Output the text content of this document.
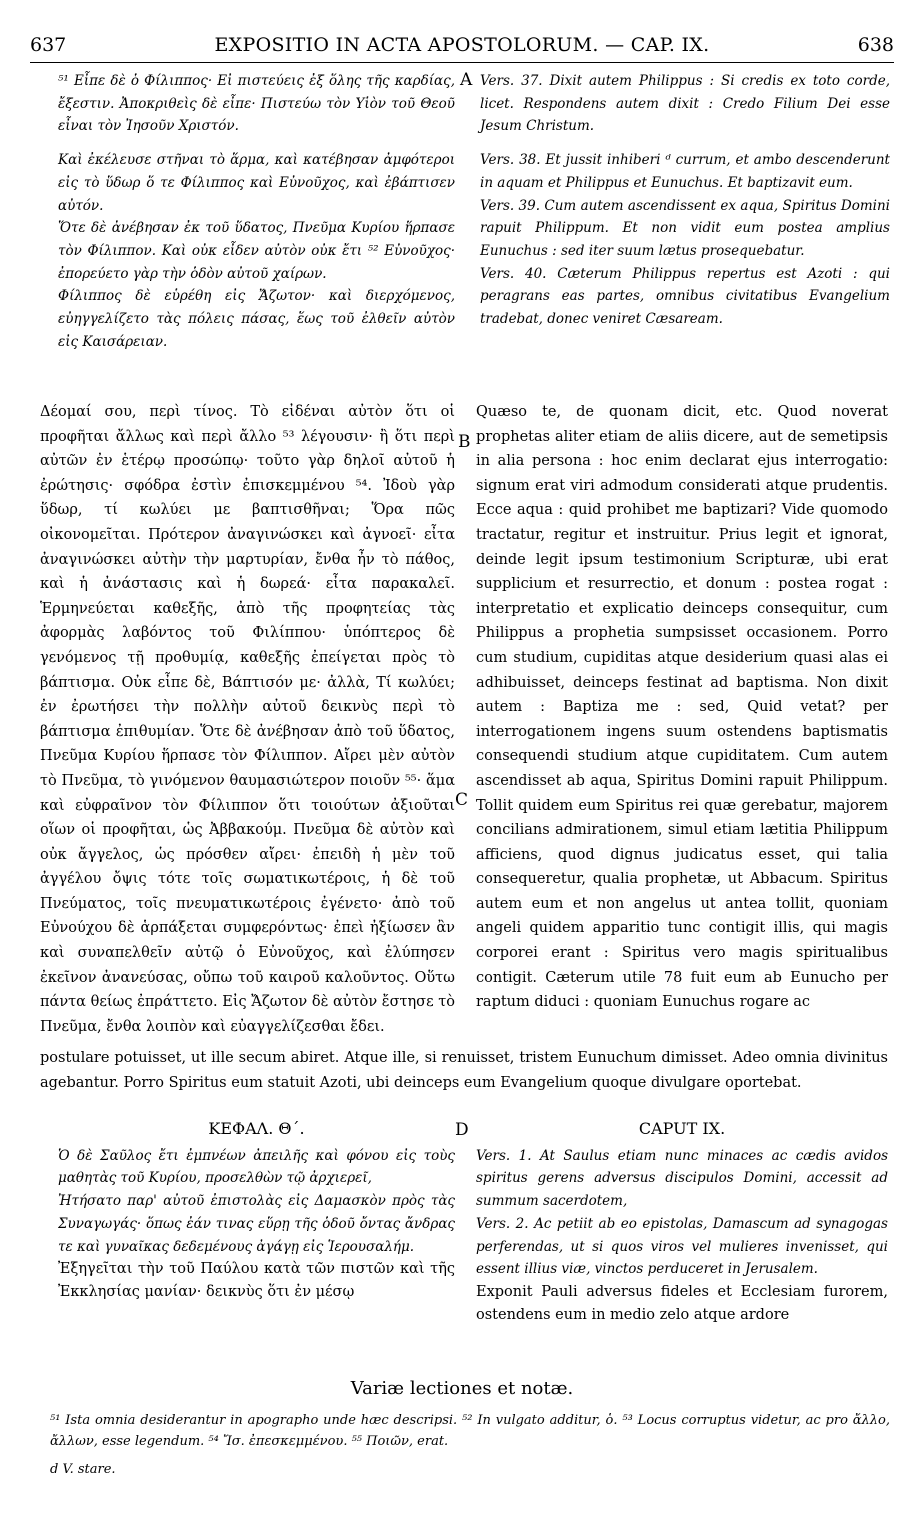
637	EXPOSITIO IN ACTA APOSTOLORUM. — CAP. IX.	638
A
B
C
D

⁵¹ Εἶπε δὲ ὁ Φίλιππος· Εἰ πιστεύεις ἐξ ὅλης τῆς καρδίας, ἔξεστιν. Ἀποκριθεὶς δὲ εἶπε· Πιστεύω τὸν Υἱὸν τοῦ Θεοῦ εἶναι τὸν Ἰησοῦν Χριστόν.

Καὶ ἐκέλευσε στῆναι τὸ ἅρμα, καὶ κατέβησαν ἀμφότεροι εἰς τὸ ὕδωρ ὅ τε Φίλιππος καὶ Εὐνοῦχος, καὶ ἐβάπτισεν αὐτόν.

Ὅτε δὲ ἀνέβησαν ἐκ τοῦ ὕδατος, Πνεῦμα Κυρίου ἥρπασε τὸν Φίλιππον. Καὶ οὐκ εἶδεν αὐτὸν οὐκ ἔτι ⁵² Εὐνοῦχος· ἐπορεύετο γὰρ τὴν ὁδὸν αὐτοῦ χαίρων.

Φίλιππος δὲ εὑρέθη εἰς Ἄζωτον· καὶ διερχόμενος, εὐηγγελίζετο τὰς πόλεις πάσας, ἕως τοῦ ἐλθεῖν αὐτὸν εἰς Καισάρειαν.

Vers. 37. Dixit autem Philippus : Si credis ex toto corde, licet. Respondens autem dixit : Credo Filium Dei esse Jesum Christum.

Vers. 38. Et jussit inhiberi ᵈ currum, et ambo descenderunt in aquam et Philippus et Eunuchus. Et baptizavit eum.

Vers. 39. Cum autem ascendissent ex aqua, Spiritus Domini rapuit Philippum. Et non vidit eum postea amplius Eunuchus : sed iter suum lætus prosequebatur.

Vers. 40. Cæterum Philippus repertus est Azoti : qui peragrans eas partes, omnibus civitatibus Evangelium tradebat, donec veniret Cæsaream.

Δέομαί σου, περὶ τίνος. Τὸ εἰδέναι αὐτὸν ὅτι οἱ προφῆται ἄλλως καὶ περὶ ἄλλο ⁵³ λέγουσιν· ἢ ὅτι περὶ αὐτῶν ἐν ἑτέρῳ προσώπῳ· τοῦτο γὰρ δηλοῖ αὐτοῦ ἡ ἐρώτησις· σφόδρα ἐστὶν ἐπισκεμμένου ⁵⁴. Ἰδοὺ γὰρ ὕδωρ, τί κωλύει με βαπτισθῆναι; Ὅρα πῶς οἰκονομεῖται. Πρότερον ἀναγινώσκει καὶ ἀγνοεῖ· εἶτα ἀναγινώσκει αὐτὴν τὴν μαρτυρίαν, ἔνθα ἦν τὸ πάθος, καὶ ἡ ἀνάστασις καὶ ἡ δωρεά· εἶτα παρακαλεῖ. Ἑρμηνεύεται καθεξῆς, ἀπὸ τῆς προφητείας τὰς ἀφορμὰς λαβόντος τοῦ Φιλίππου· ὑπόπτερος δὲ γενόμενος τῇ προθυμίᾳ, καθεξῆς ἐπείγεται πρὸς τὸ βάπτισμα. Οὐκ εἶπε δὲ, Βάπτισόν με· ἀλλὰ, Τί κωλύει; ἐν ἐρωτήσει τὴν πολλὴν αὐτοῦ δεικνὺς περὶ τὸ βάπτισμα ἐπιθυμίαν. Ὅτε δὲ ἀνέβησαν ἀπὸ τοῦ ὕδατος, Πνεῦμα Κυρίου ἥρπασε τὸν Φίλιππον. Αἴρει μὲν αὐτὸν τὸ Πνεῦμα, τὸ γινόμενον θαυμασιώτερον ποιοῦν ⁵⁵· ἅμα καὶ εὐφραῖνον τὸν Φίλιππον ὅτι τοιούτων ἀξιοῦται οἵων οἱ προφῆται, ὡς Ἀββακούμ. Πνεῦμα δὲ αὐτὸν καὶ οὐκ ἄγγελος, ὡς πρόσθεν αἴρει· ἐπειδὴ ἡ μὲν τοῦ ἀγγέλου ὄψις τότε τοῖς σωματικωτέροις, ἡ δὲ τοῦ Πνεύματος, τοῖς πνευματικωτέροις ἐγένετο· ἀπὸ τοῦ Εὐνούχου δὲ ἁρπάξεται συμφερόντως· ἐπεὶ ἠξίωσεν ἂν καὶ συναπελθεῖν αὐτῷ ὁ Εὐνοῦχος, καὶ ἐλύπησεν ἐκεῖνον ἀνανεύσας, οὔπω τοῦ καιροῦ καλοῦντος. Οὕτω πάντα θείως ἐπράττετο. Εἰς Ἄζωτον δὲ αὐτὸν ἔστησε τὸ Πνεῦμα, ἔνθα λοιπὸν καὶ εὐαγγελίζεσθαι ἔδει.

Quæso te, de quonam dicit, etc. Quod noverat prophetas aliter etiam de aliis dicere, aut de semetipsis in alia persona : hoc enim declarat ejus interrogatio: signum erat viri admodum considerati atque prudentis. Ecce aqua : quid prohibet me baptizari? Vide quomodo tractatur, regitur et instruitur. Prius legit et ignorat, deinde legit ipsum testimonium Scripturæ, ubi erat supplicium et resurrectio, et donum : postea rogat : interpretatio et explicatio deinceps consequitur, cum Philippus a prophetia sumpsisset occasionem. Porro cum studium, cupiditas atque desiderium quasi alas ei adhibuisset, deinceps festinat ad baptisma. Non dixit autem : Baptiza me : sed, Quid vetat? per interrogationem ingens suum ostendens baptismatis consequendi studium atque cupiditatem. Cum autem ascendisset ab aqua, Spiritus Domini rapuit Philippum. Tollit quidem eum Spiritus rei quæ gerebatur, majorem concilians admirationem, simul etiam lætitia Philippum afficiens, quod dignus judicatus esset, qui talia consequeretur, qualia prophetæ, ut Abbacum. Spiritus autem eum et non angelus ut antea tollit, quoniam angeli quidem apparitio tunc contigit illis, qui magis corporei erant : Spiritus vero magis spiritualibus contigit. Cæterum utile 78 fuit eum ab Eunucho per raptum diduci : quoniam Eunuchus rogare ac

postulare potuisset, ut ille secum abiret. Atque ille, si renuisset, tristem Eunuchum dimisset. Adeo omnia divinitus agebantur. Porro Spiritus eum statuit Azoti, ubi deinceps eum Evangelium quoque divulgare oportebat.

ΚΕΦΑΛ. Θ΄.

Ὁ δὲ Σαῦλος ἔτι ἐμπνέων ἀπειλῆς καὶ φόνου εἰς τοὺς μαθητὰς τοῦ Κυρίου, προσελθὼν τῷ ἀρχιερεῖ,

Ἠτήσατο παρ' αὐτοῦ ἐπιστολὰς εἰς Δαμασκὸν πρὸς τὰς Συναγωγάς· ὅπως ἐάν τινας εὕρῃ τῆς ὁδοῦ ὄντας ἄνδρας τε καὶ γυναῖκας δεδεμένους ἀγάγῃ εἰς Ἱερουσαλήμ.

Ἐξηγεῖται τὴν τοῦ Παύλου κατὰ τῶν πιστῶν καὶ τῆς Ἐκκλησίας μανίαν· δεικνὺς ὅτι ἐν μέσῳ

CAPUT IX.

Vers. 1. At Saulus etiam nunc minaces ac cædis avidos spiritus gerens adversus discipulos Domini, accessit ad summum sacerdotem,

Vers. 2. Ac petiit ab eo epistolas, Damascum ad synagogas perferendas, ut si quos viros vel mulieres invenisset, qui essent illius viæ, vinctos perduceret in Jerusalem.

Exponit Pauli adversus fideles et Ecclesiam furorem, ostendens eum in medio zelo atque ardore

Variæ lectiones et notæ.
⁵¹ Ista omnia desiderantur in apographo unde hæc descripsi. ⁵² In vulgato additur, ὁ. ⁵³ Locus corruptus videtur, ac pro ἄλλο, ἄλλων, esse legendum. ⁵⁴ Ἴσ. ἐπεσκεμμένου. ⁵⁵ Ποιῶν, erat.
d V. stare.
